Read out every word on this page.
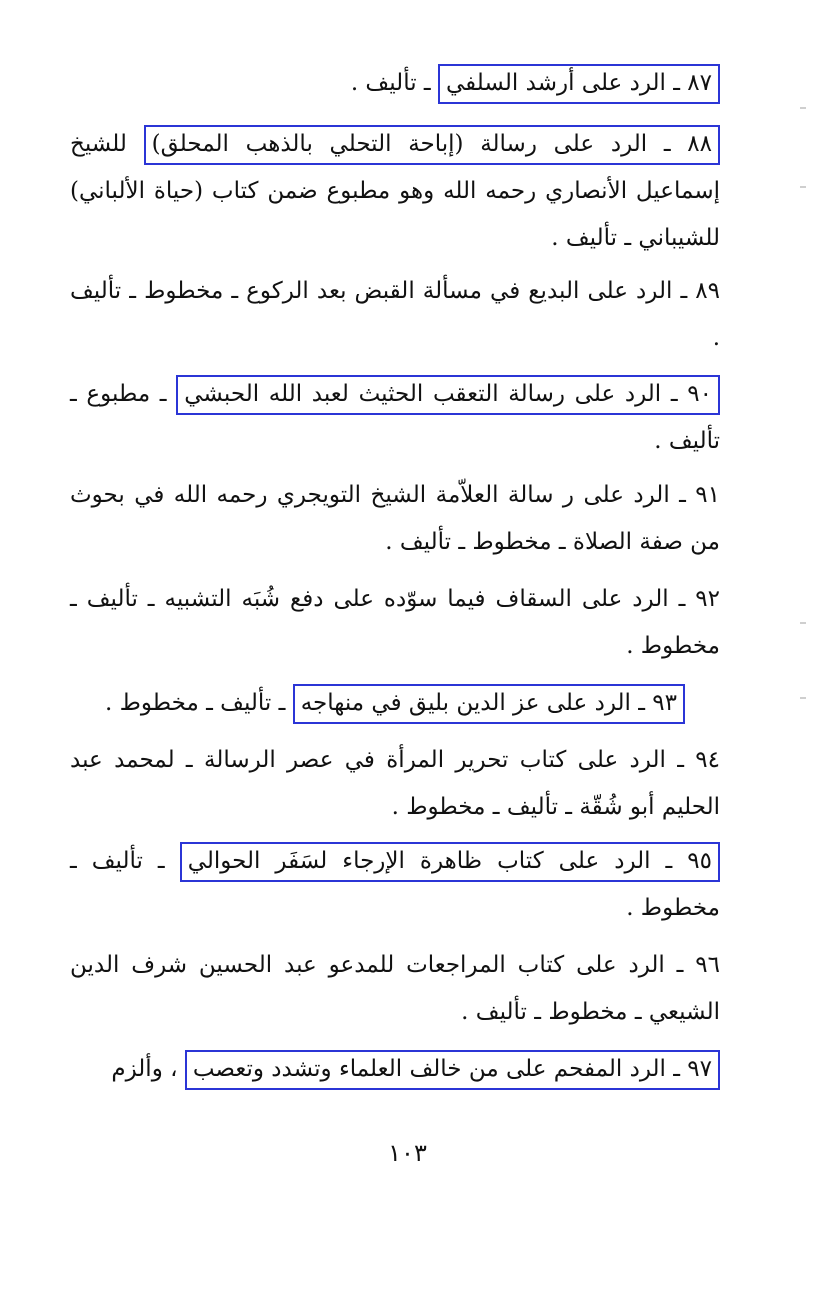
٨٧ ـ الرد على أرشد السلفي ـ تأليف .

٨٨ ـ الرد على رسالة (إباحة التحلي بالذهب المحلق) للشيخ إسماعيل الأنصاري رحمه الله وهو مطبوع ضمن كتاب (حياة الألباني) للشيباني ـ تأليف .

٨٩ ـ الرد على البديع في مسألة القبض بعد الركوع ـ مخطوط ـ تأليف .

٩٠ ـ الرد على رسالة التعقب الحثيث لعبد الله الحبشي ـ مطبوع ـ تأليف .

٩١ ـ الرد على ر سالة العلاّمة الشيخ التويجري رحمه الله في بحوث من صفة الصلاة ـ مخطوط ـ تأليف .

٩٢ ـ الرد على السقاف فيما سوّده على دفع شُبَه التشبيه ـ تأليف ـ مخطوط .

٩٣ ـ الرد على عز الدين بليق في منهاجه ـ تأليف ـ مخطوط .

٩٤ ـ الرد على كتاب تحرير المرأة في عصر الرسالة ـ لمحمد عبد الحليم أبو شُقّة ـ تأليف ـ مخطوط .

٩٥ ـ الرد على كتاب ظاهرة الإرجاء لسَفَر الحوالي ـ تأليف ـ مخطوط .

٩٦ ـ الرد على كتاب المراجعات للمدعو عبد الحسين شرف الدين الشيعي ـ مخطوط ـ تأليف .

٩٧ ـ الرد المفحم على من خالف العلماء وتشدد وتعصب ، وألزم

١٠٣
